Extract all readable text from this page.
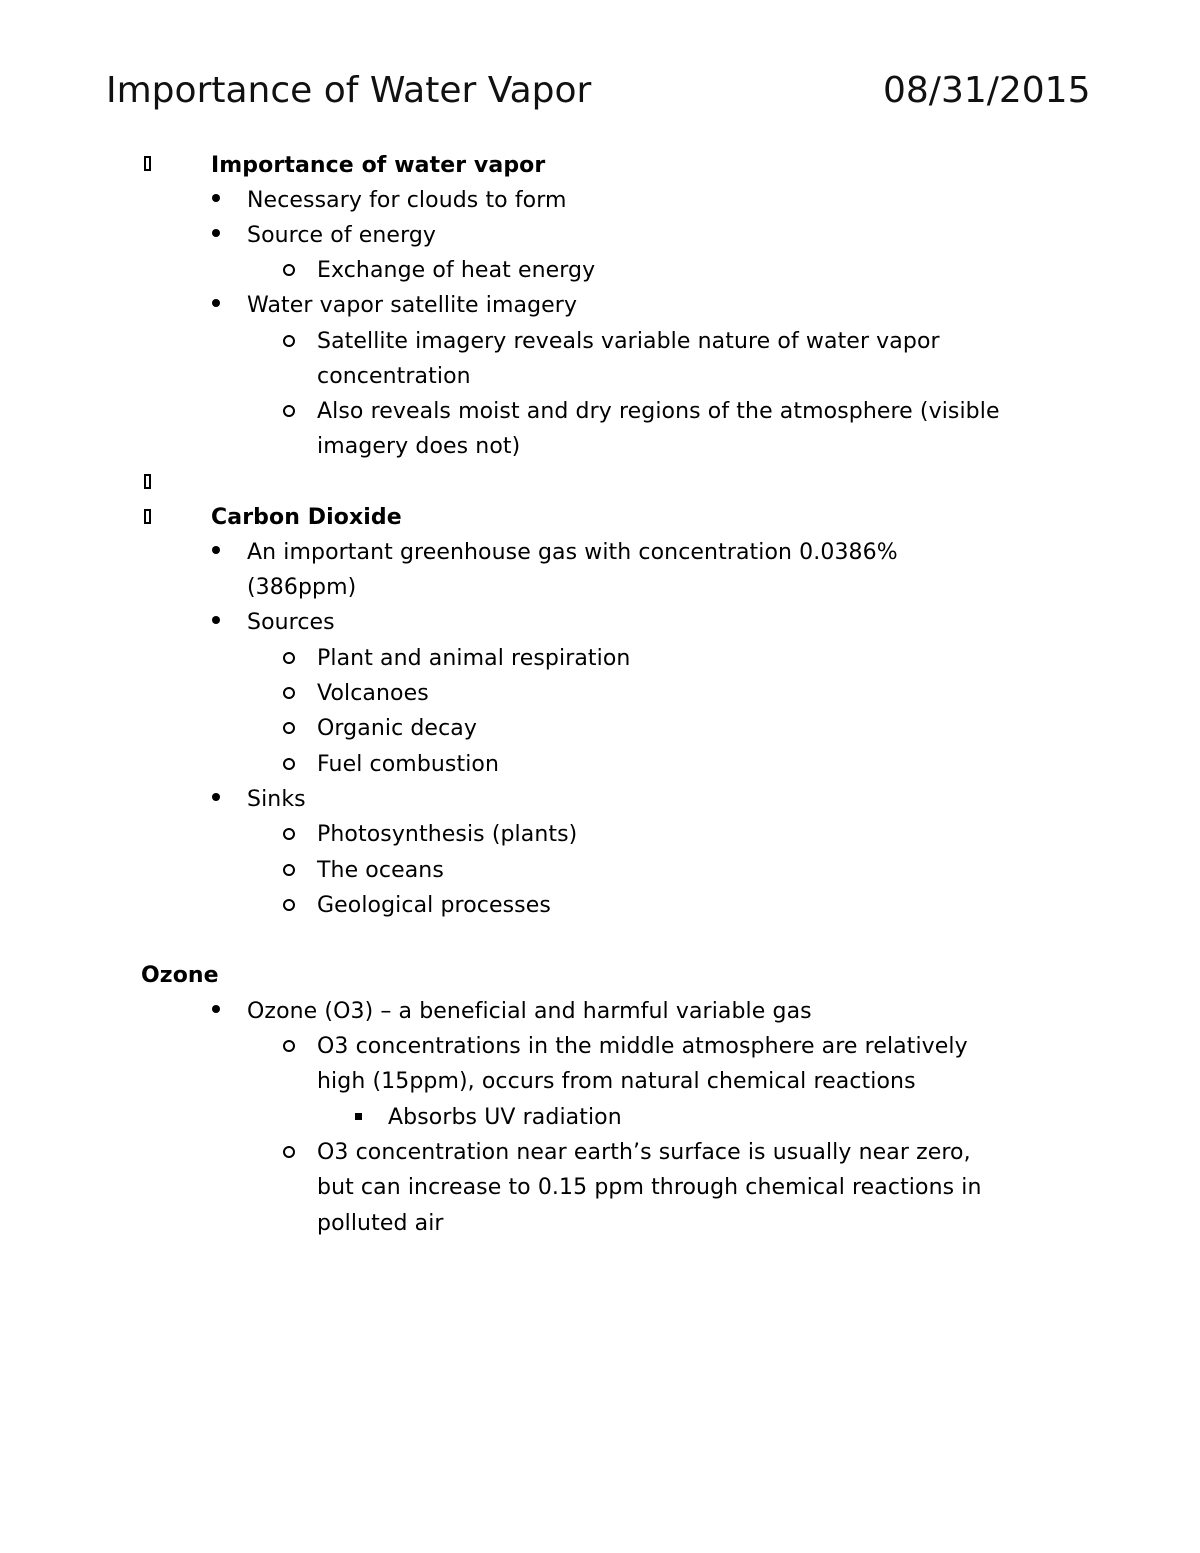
Importance of Water Vapor	08/31/2015
Importance of water vapor
Necessary for clouds to form
Source of energy
Exchange of heat energy
Water vapor satellite imagery
Satellite imagery reveals variable nature of water vapor
concentration
Also reveals moist and dry regions of the atmosphere (visible
imagery does not)
Carbon Dioxide
An important greenhouse gas with concentration 0.0386%
(386ppm)
Sources
Plant and animal respiration
Volcanoes
Organic decay
Fuel combustion
Sinks
Photosynthesis (plants)
The oceans
Geological processes
Ozone
Ozone (O3) – a beneficial and harmful variable gas
O3 concentrations in the middle atmosphere are relatively
high (15ppm), occurs from natural chemical reactions
Absorbs UV radiation
O3 concentration near earth’s surface is usually near zero,
but can increase to 0.15 ppm through chemical reactions in
polluted air
